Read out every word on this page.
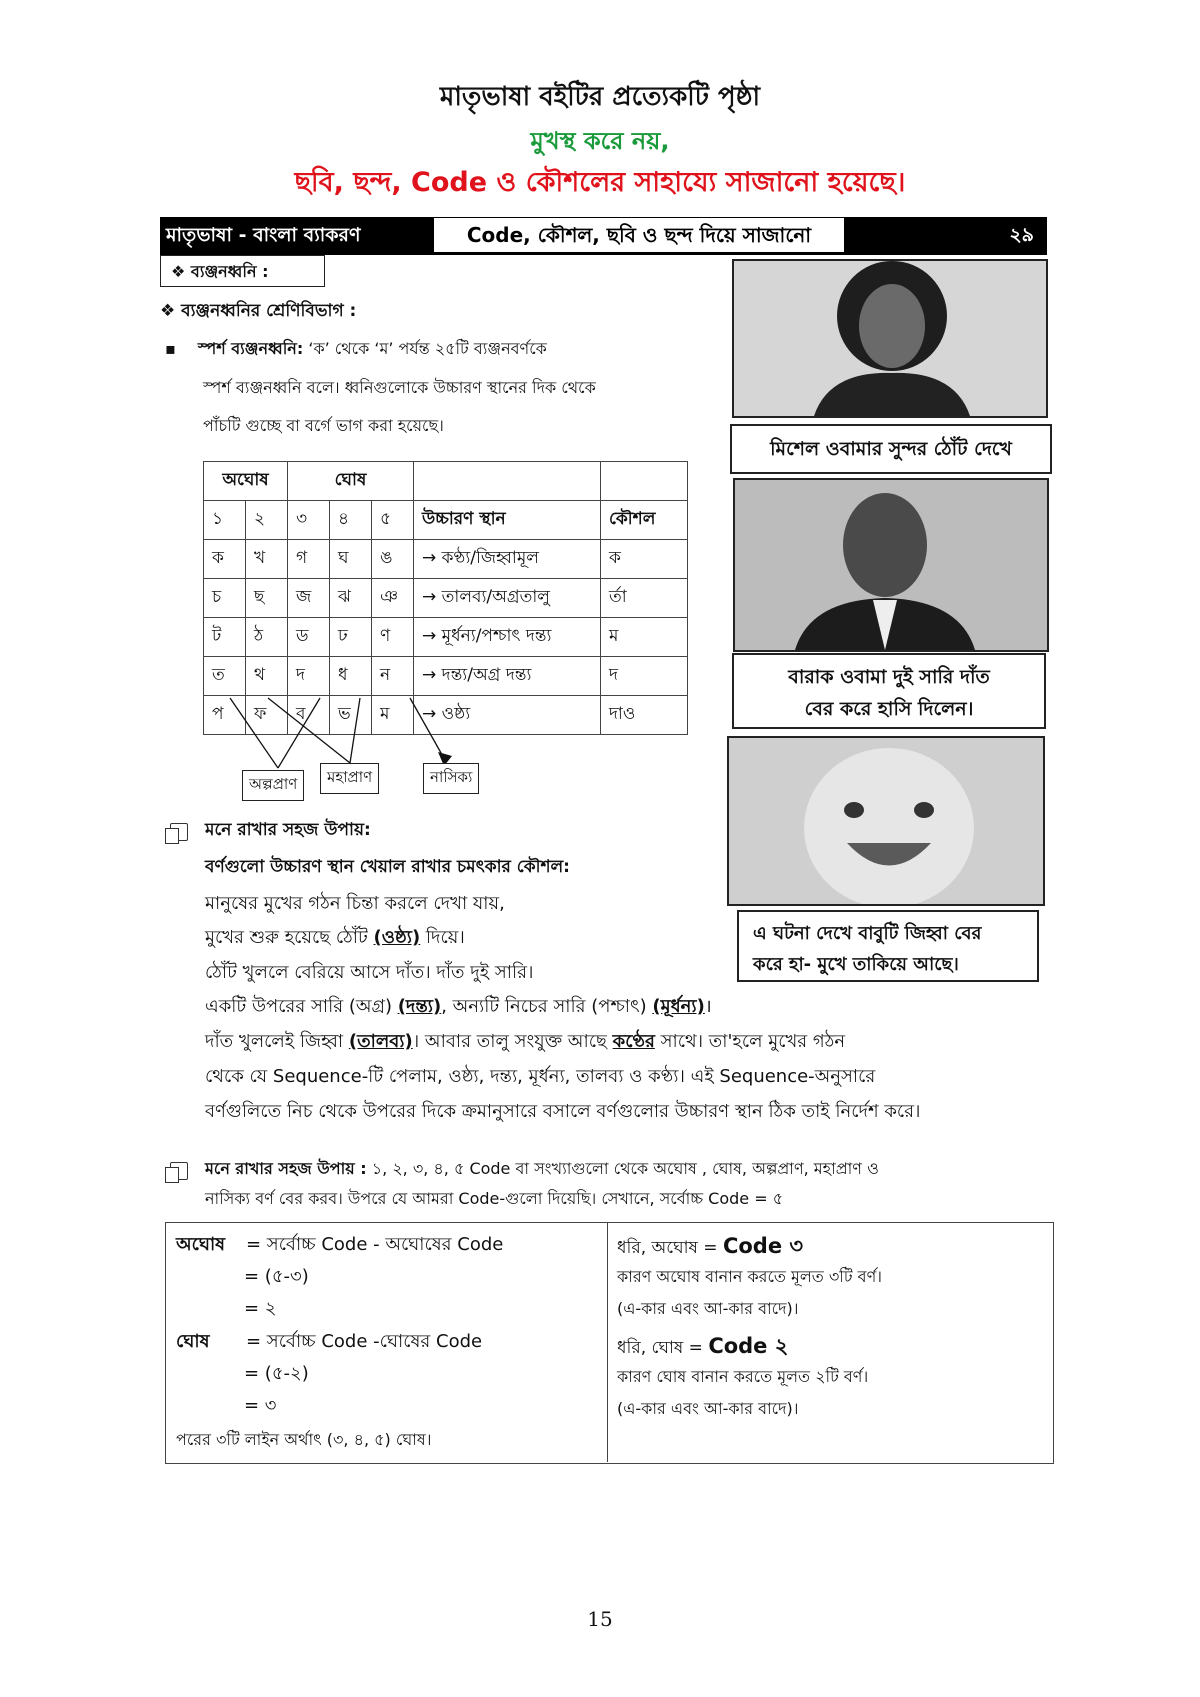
মাতৃভাষা বইটির প্রত্যেকটি পৃষ্ঠা
মুখস্থ করে নয়,
ছবি, ছন্দ, Code ও কৌশলের সাহায্যে সাজানো হয়েছে।
মাতৃভাষা - বাংলা ব্যাকরণ	Code, কৌশল, ছবি ও ছন্দ দিয়ে সাজানো	২৯
❖ ব্যঞ্জনধ্বনি :
❖ ব্যঞ্জনধ্বনির শ্রেণিবিভাগ :
▪ স্পর্শ ব্যঞ্জনধ্বনি: ‘ক’ থেকে ‘ম’ পর্যন্ত ২৫টি ব্যঞ্জনবর্ণকে
স্পর্শ ব্যঞ্জনধ্বনি বলে। ধ্বনিগুলোকে উচ্চারণ স্থানের দিক থেকে
পাঁচটি গুচ্ছে বা বর্গে ভাগ করা হয়েছে।
অঘোষ		ঘোষ				
১	২	৩	৪	৫	উচ্চারণ স্থান	কৌশল
ক	খ	গ	ঘ	ঙ	→ কণ্ঠ্য/জিহ্বামূল	ক
চ	ছ	জ	ঝ	ঞ	→ তালব্য/অগ্রতালু	র্তা
ট	ঠ	ড	ঢ	ণ	→ মূর্ধন্য/পশ্চাৎ দন্ত্য	ম
ত	থ	দ	ধ	ন	→ দন্ত্য/অগ্র দন্ত্য	দ
প	ফ	ব	ভ	ম	→ ওষ্ঠ্য	দাও
অল্পপ্রাণ	মহাপ্রাণ	নাসিক্য
মিশেল ওবামার সুন্দর ঠোঁট দেখে
বারাক ওবামা দুই সারি দাঁত
বের করে হাসি দিলেন।
এ ঘটনা দেখে বাবুটি জিহ্বা বের
করে হা- মুখে তাকিয়ে আছে।
মনে রাখার সহজ উপায়:
বর্ণগুলো উচ্চারণ স্থান খেয়াল রাখার চমৎকার কৌশল:
মানুষের মুখের গঠন চিন্তা করলে দেখা যায়,
মুখের শুরু হয়েছে ঠোঁট (ওষ্ঠ্য) দিয়ে।
ঠোঁট খুললে বেরিয়ে আসে দাঁত। দাঁত দুই সারি।
একটি উপরের সারি (অগ্র) (দন্ত্য), অন্যটি নিচের সারি (পশ্চাৎ) (মূর্ধন্য)।
দাঁত খুললেই জিহ্বা (তালব্য)। আবার তালু সংযুক্ত আছে কণ্ঠের সাথে। তা'হলে মুখের গঠন
থেকে যে Sequence-টি পেলাম, ওষ্ঠ্য, দন্ত্য, মূর্ধন্য, তালব্য ও কণ্ঠ্য। এই Sequence-অনুসারে
বর্ণগুলিতে নিচ থেকে উপরের দিকে ক্রমানুসারে বসালে বর্ণগুলোর উচ্চারণ স্থান ঠিক তাই নির্দেশ করে।
মনে রাখার সহজ উপায় : ১, ২, ৩, ৪, ৫ Code বা সংখ্যাগুলো থেকে অঘোষ , ঘোষ, অল্পপ্রাণ, মহাপ্রাণ ও
নাসিক্য বর্ণ বের করব। উপরে যে আমরা Code-গুলো দিয়েছি। সেখানে, সর্বোচ্চ Code = ৫
অঘোষ = সর্বোচ্চ Code - অঘোষের Code
= (৫-৩)
= ২
ঘোষ = সর্বোচ্চ Code -ঘোষের Code
= (৫-২)
= ৩
পরের ৩টি লাইন অর্থাৎ (৩, ৪, ৫) ঘোষ।
ধরি, অঘোষ = Code ৩
কারণ অঘোষ বানান করতে মূলত ৩টি বর্ণ।
(এ-কার এবং আ-কার বাদে)।
ধরি, ঘোষ = Code ২
কারণ ঘোষ বানান করতে মূলত ২টি বর্ণ।
(এ-কার এবং আ-কার বাদে)।
15
